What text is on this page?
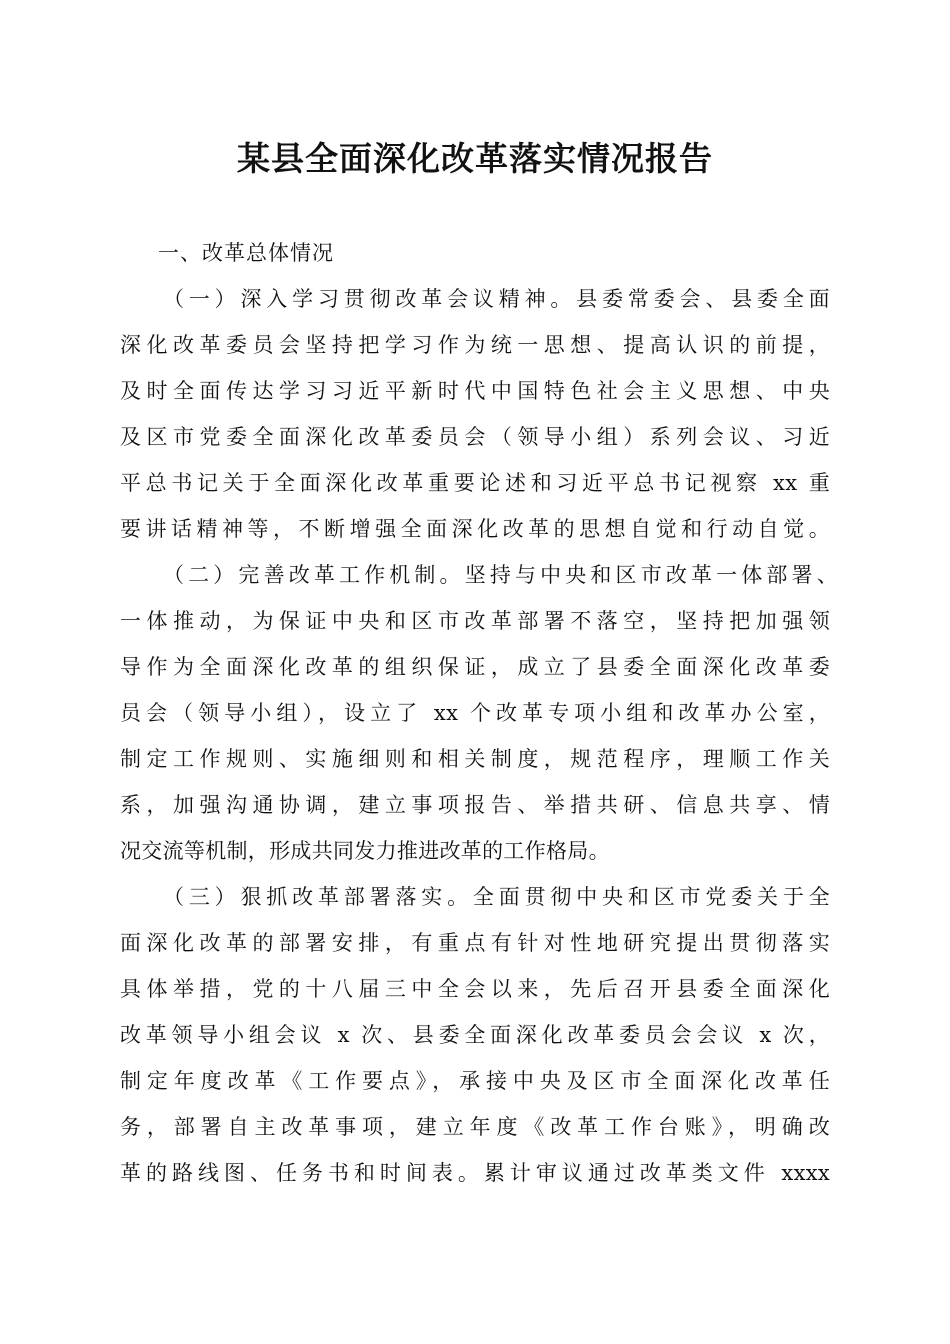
某县全面深化改革落实情况报告
一、改革总体情况
（一）深入学习贯彻改革会议精神。县委常委会、县委全面
深化改革委员会坚持把学习作为统一思想、提高认识的前提，
及时全面传达学习习近平新时代中国特色社会主义思想、中央
及区市党委全面深化改革委员会（领导小组）系列会议、习近
平总书记关于全面深化改革重要论述和习近平总书记视察 xx 重
要讲话精神等，不断增强全面深化改革的思想自觉和行动自觉。
（二）完善改革工作机制。坚持与中央和区市改革一体部署、
一体推动，为保证中央和区市改革部署不落空，坚持把加强领
导作为全面深化改革的组织保证，成立了县委全面深化改革委
员会（领导小组），设立了 xx 个改革专项小组和改革办公室，
制定工作规则、实施细则和相关制度，规范程序，理顺工作关
系，加强沟通协调，建立事项报告、举措共研、信息共享、情
况交流等机制，形成共同发力推进改革的工作格局。
（三）狠抓改革部署落实。全面贯彻中央和区市党委关于全
面深化改革的部署安排，有重点有针对性地研究提出贯彻落实
具体举措，党的十八届三中全会以来，先后召开县委全面深化
改革领导小组会议 x 次、县委全面深化改革委员会会议 x 次，
制定年度改革《工作要点》，承接中央及区市全面深化改革任
务，部署自主改革事项，建立年度《改革工作台账》，明确改
革的路线图、任务书和时间表。累计审议通过改革类文件 xxxx
